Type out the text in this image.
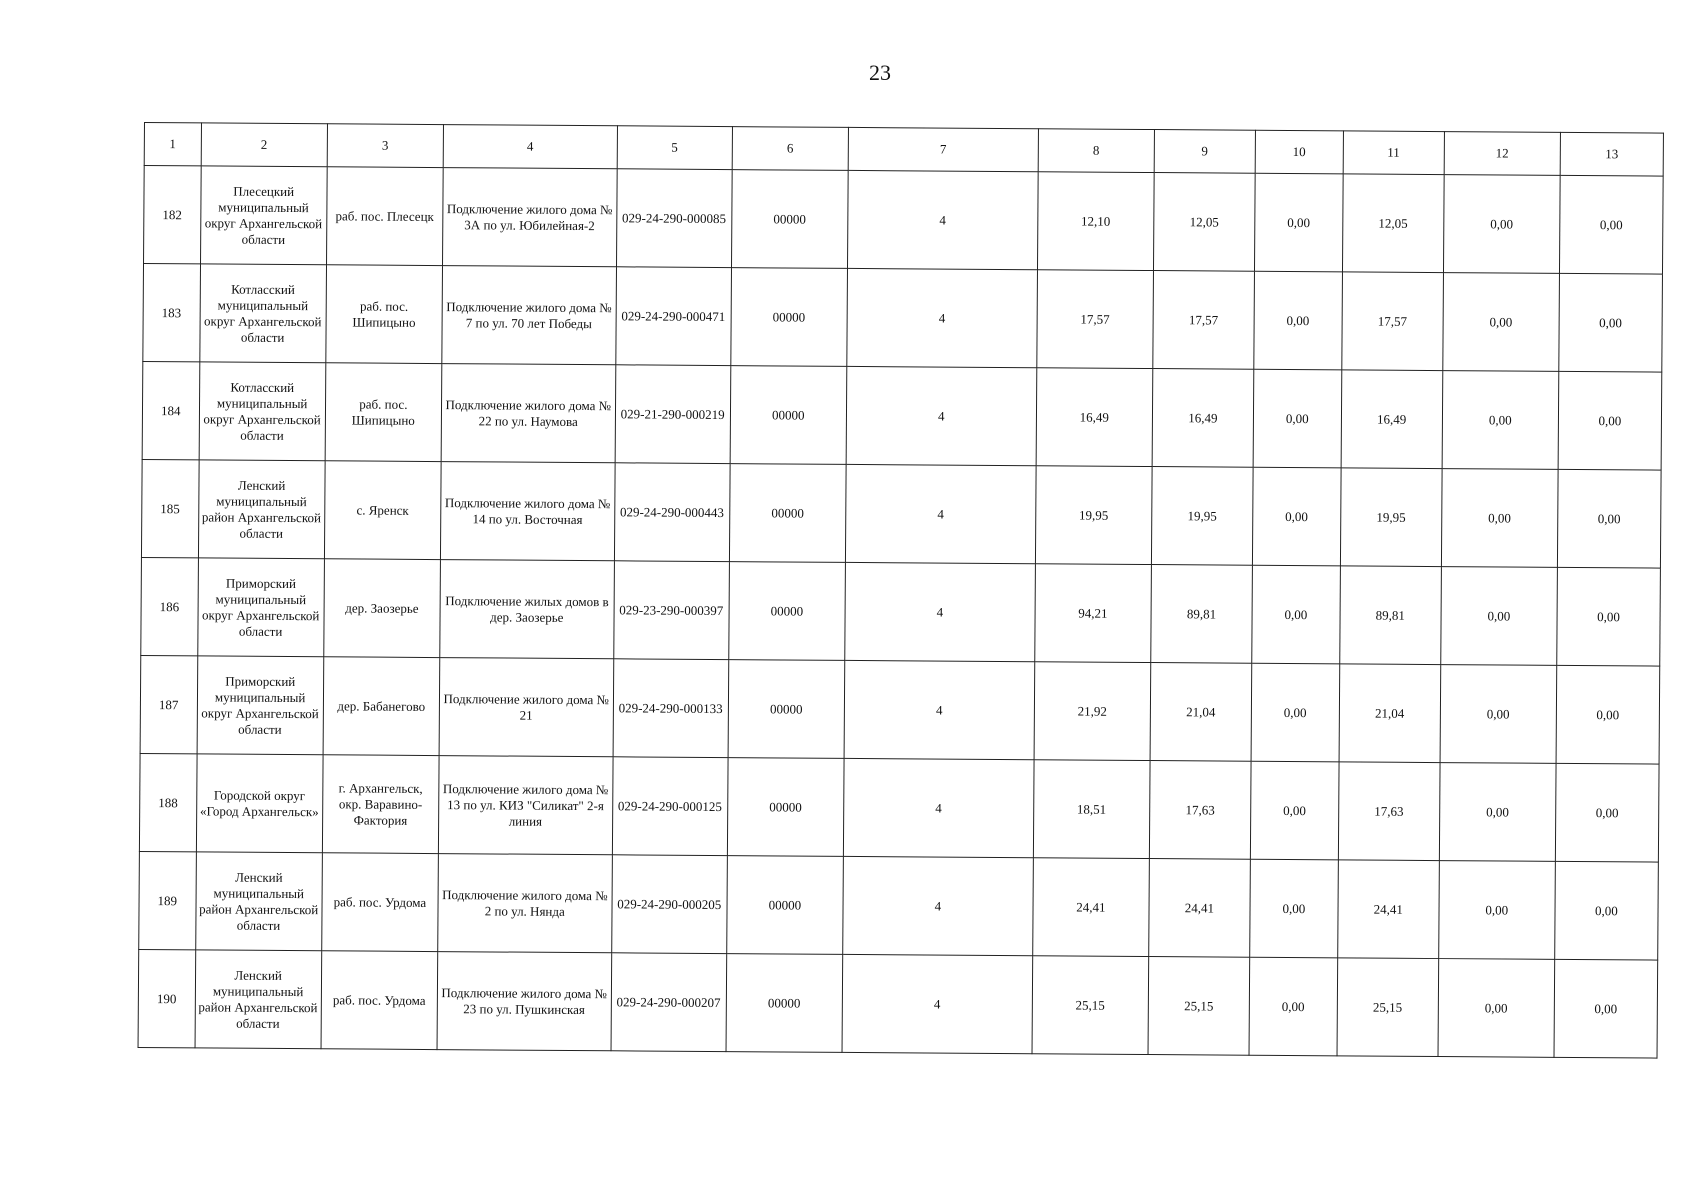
23
1	2	3	4	5	6	7	8	9	10	11	12	13
182	Плесецкий муниципальный округ Архангельской области	раб. пос. Плесецк	Подключение жилого дома № 3А по ул. Юбилейная-2	029-24-290-000085	00000	4	12,10	12,05	0,00	12,05	0,00	0,00
183	Котласский муниципальный округ Архангельской области	раб. пос. Шипицыно	Подключение жилого дома № 7 по ул. 70 лет Победы	029-24-290-000471	00000	4	17,57	17,57	0,00	17,57	0,00	0,00
184	Котласский муниципальный округ Архангельской области	раб. пос. Шипицыно	Подключение жилого дома № 22 по ул. Наумова	029-21-290-000219	00000	4	16,49	16,49	0,00	16,49	0,00	0,00
185	Ленский муниципальный район Архангельской области	с. Яренск	Подключение жилого дома № 14 по ул. Восточная	029-24-290-000443	00000	4	19,95	19,95	0,00	19,95	0,00	0,00
186	Приморский муниципальный округ Архангельской области	дер. Заозерье	Подключение жилых домов в дер. Заозерье	029-23-290-000397	00000	4	94,21	89,81	0,00	89,81	0,00	0,00
187	Приморский муниципальный округ Архангельской области	дер. Бабанегово	Подключение жилого дома № 21	029-24-290-000133	00000	4	21,92	21,04	0,00	21,04	0,00	0,00
188	Городской округ «Город Архангельск»	г. Архангельск, окр. Варавино-Фактория	Подключение жилого дома № 13 по ул. КИЗ "Силикат" 2-я линия	029-24-290-000125	00000	4	18,51	17,63	0,00	17,63	0,00	0,00
189	Ленский муниципальный район Архангельской области	раб. пос. Урдома	Подключение жилого дома № 2 по ул. Нянда	029-24-290-000205	00000	4	24,41	24,41	0,00	24,41	0,00	0,00
190	Ленский муниципальный район Архангельской области	раб. пос. Урдома	Подключение жилого дома № 23 по ул. Пушкинская	029-24-290-000207	00000	4	25,15	25,15	0,00	25,15	0,00	0,00
